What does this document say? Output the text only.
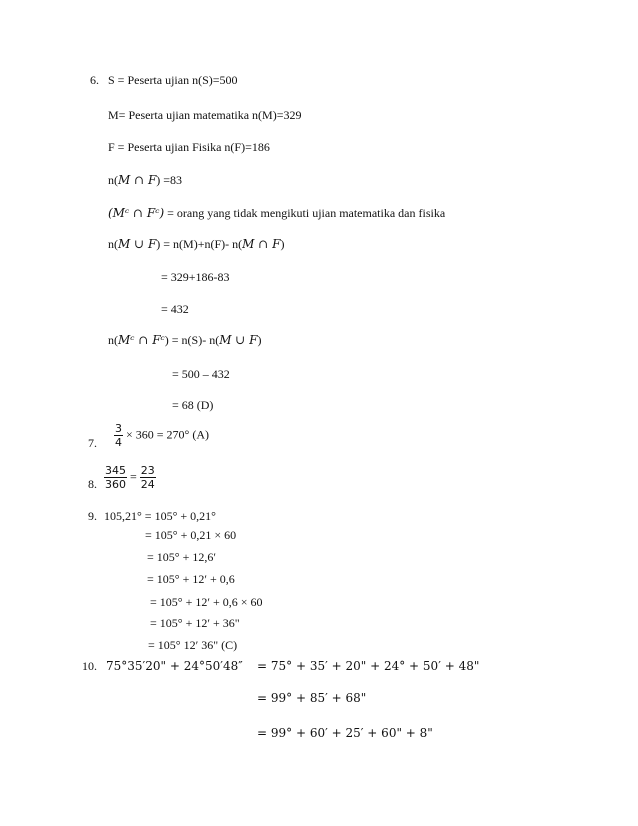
6. S = Peserta ujian n(S)=500
M= Peserta ujian matematika n(M)=329
F = Peserta ujian Fisika n(F)=186
n(M ∩ F) =83
(Mᶜ ∩ Fᶜ) = orang yang tidak mengikuti ujian matematika dan fisika
n(M ∪ F) = n(M)+n(F)- n(M ∩ F)
= 329+186-83
= 432
n(Mᶜ ∩ Fᶜ) = n(S)- n(M ∪ F)
= 500 – 432
= 68 (D)
7. $\frac{3}{4} \times 360 = 270^\circ$ (A)
8. $\frac{345}{360} = \frac{23}{24}$
9. 105,21° = 105° + 0,21°
= 105° + 0,21 × 60
= 105° + 12,6′
= 105° + 12′ + 0,6
= 105° + 12′ + 0,6 × 60
= 105° + 12′ + 36"
= 105° 12′ 36" (C)
10. 75°35′20" + 24°50′48″ = 75° + 35′ + 20" + 24° + 50′ + 48"
= 99° + 85′ + 68"
= 99° + 60′ + 25′ + 60" + 8"
